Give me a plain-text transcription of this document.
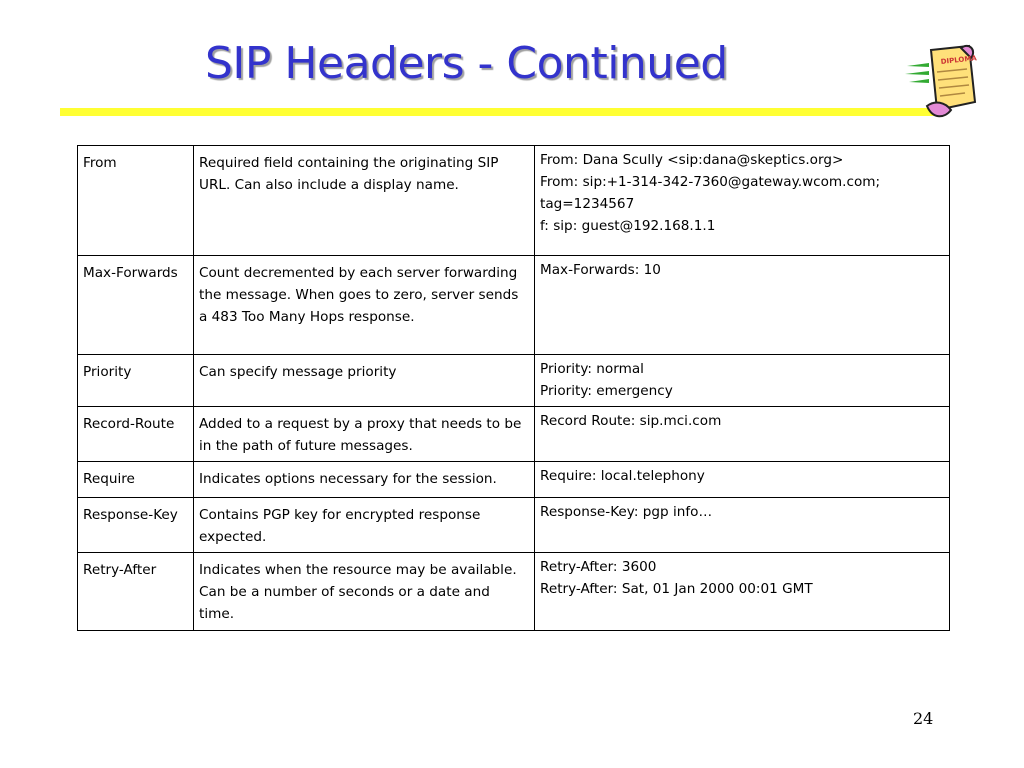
SIP Headers - Continued	DIPLOMA
From	Required field containing the originating SIP URL. Can also include a display name.	From: Dana Scully <sip:dana@skeptics.org>
From: sip:+1-314-342-7360@gateway.wcom.com; tag=1234567
f: sip: guest@192.168.1.1

Max-Forwards	Count decremented by each server forwarding the message. When goes to zero, server sends a 483 Too Many Hops response.	Max-Forwards: 10

Priority	Can specify message priority	Priority: normal
Priority: emergency

Record-Route	Added to a request by a proxy that needs to be in the path of future messages.	Record Route: sip.mci.com

Require	Indicates options necessary for the session.	Require: local.telephony

Response-Key	Contains PGP key for encrypted response expected.	Response-Key: pgp info…

Retry-After	Indicates when the resource may be available. Can be a number of seconds or a date and time.	Retry-After: 3600
Retry-After: Sat, 01 Jan 2000 00:01 GMT
24
